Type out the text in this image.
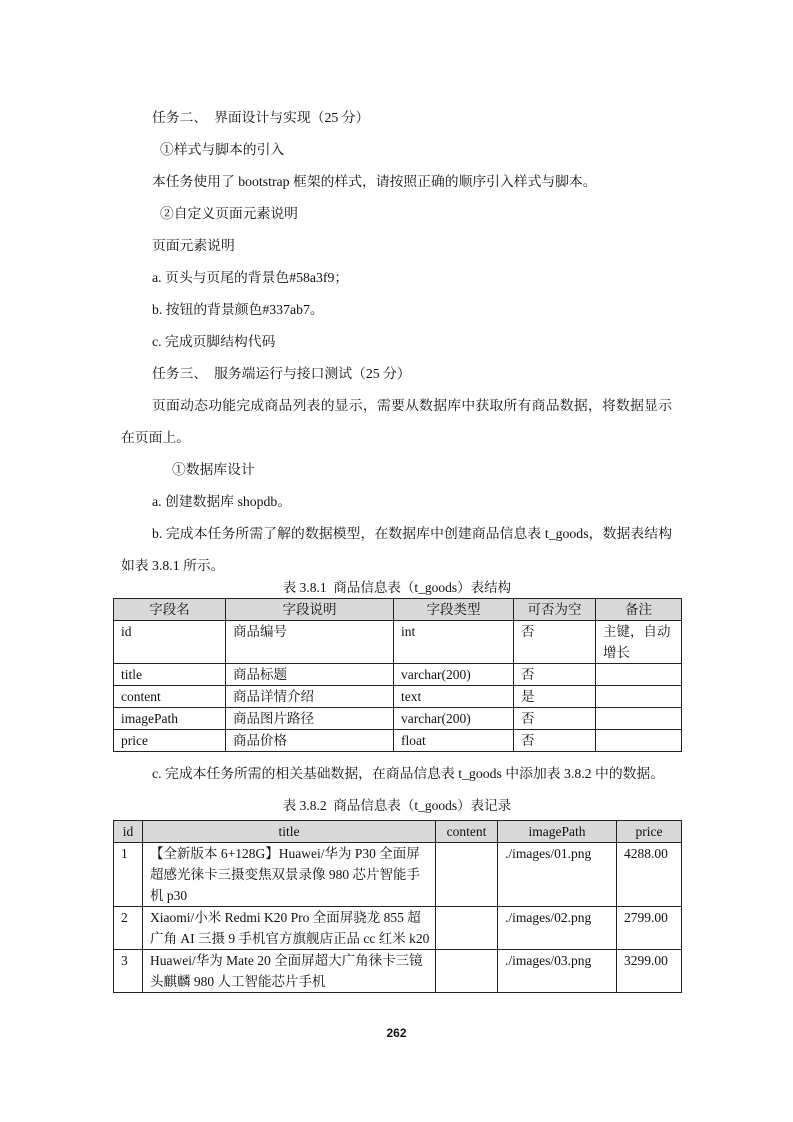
任务二、  界面设计与实现（25 分）

①样式与脚本的引入

本任务使用了 bootstrap 框架的样式，请按照正确的顺序引入样式与脚本。

②自定义页面元素说明

页面元素说明

a. 页头与页尾的背景色#58a3f9；

b. 按钮的背景颜色#337ab7。

c. 完成页脚结构代码

任务三、  服务端运行与接口测试（25 分）

页面动态功能完成商品列表的显示，需要从数据库中获取所有商品数据，将数据显示在页面上。

①数据库设计

a. 创建数据库 shopdb。

b. 完成本任务所需了解的数据模型，在数据库中创建商品信息表 t_goods，数据表结构如表 3.8.1 所示。

表 3.8.1  商品信息表（t_goods）表结构
字段名	字段说明	字段类型	可否为空	备注
id	商品编号	int	否	主键，自动增长
title	商品标题	varchar(200)	否	
content	商品详情介绍	text	是	
imagePath	商品图片路径	varchar(200)	否	
price	商品价格	float	否	

c. 完成本任务所需的相关基础数据，在商品信息表 t_goods 中添加表 3.8.2 中的数据。

表 3.8.2  商品信息表（t_goods）表记录
id	title	content	imagePath	price
1	【全新版本 6+128G】Huawei/华为 P30 全面屏超感光徕卡三摄变焦双景录像 980 芯片智能手机 p30		./images/01.png	4288.00
2	Xiaomi/小米 Redmi K20 Pro 全面屏骁龙 855 超广角 AI 三摄 9 手机官方旗舰店正品 cc 红米 k20		./images/02.png	2799.00
3	Huawei/华为 Mate 20 全面屏超大广角徕卡三镜头麒麟 980 人工智能芯片手机		./images/03.png	3299.00
262
